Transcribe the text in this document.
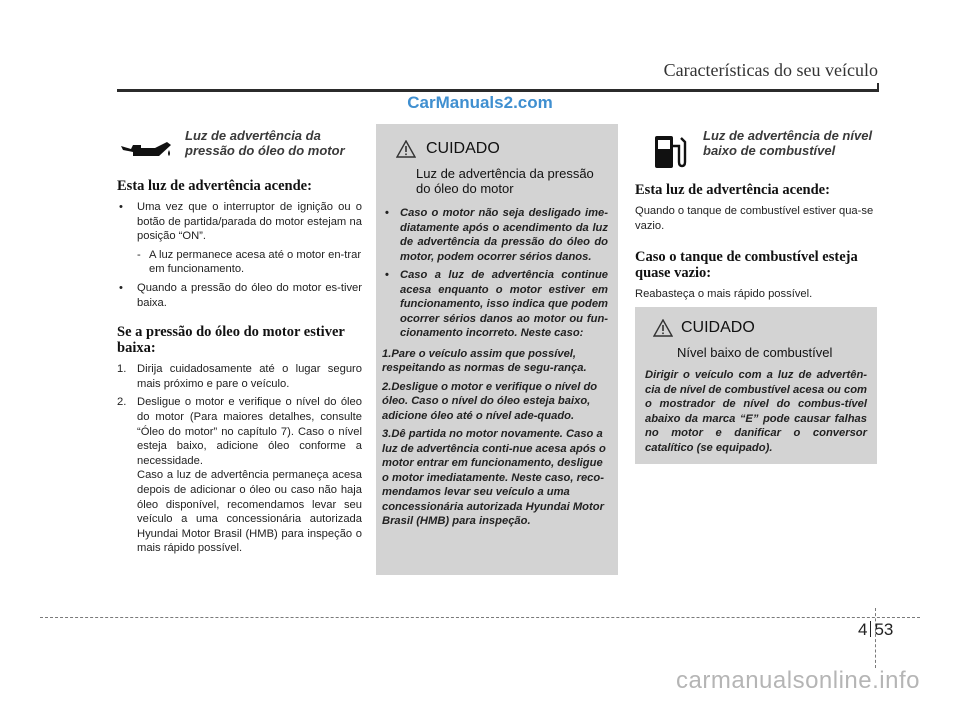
Características do seu veículo
CarManuals2.com
Luz de advertência da pressão do óleo do motor
Esta luz de advertência acende:
• Uma vez que o interruptor de ignição ou o botão de partida/parada do motor estejam na posição “ON”.
- A luz permanece acesa até o motor en-trar em funcionamento.
• Quando a pressão do óleo do motor es-tiver baixa.
Se a pressão do óleo do motor estiver baixa:
1. Dirija cuidadosamente até o lugar seguro mais próximo e pare o veículo.
2. Desligue o motor e verifique o nível do óleo do motor (Para maiores detalhes, consulte “Óleo do motor” no capítulo 7). Caso o nível esteja baixo, adicione óleo conforme a necessidade.
Caso a luz de advertência permaneça acesa depois de adicionar o óleo ou caso não haja óleo disponível, recomendamos levar seu veículo a uma concessionária autorizada Hyundai Motor Brasil (HMB) para inspeção o mais rápido possível.
CUIDADO
Luz de advertência da pressão do óleo do motor
• Caso o motor não seja desligado ime-diatamente após o acendimento da luz de advertência da pressão do óleo do motor, podem ocorrer sérios danos.
• Caso a luz de advertência continue acesa enquanto o motor estiver em funcionamento, isso indica que podem ocorrer sérios danos ao motor ou fun-cionamento incorreto. Neste caso:
1.Pare o veículo assim que possível, respeitando as normas de segu-rança.
2.Desligue o motor e verifique o nível do óleo. Caso o nível do óleo esteja baixo, adicione óleo até o nível ade-quado.
3.Dê partida no motor novamente. Caso a luz de advertência conti-nue acesa após o motor entrar em funcionamento, desligue o motor imediatamente. Neste caso, reco-mendamos levar seu veículo a uma concessionária autorizada Hyundai Motor Brasil (HMB) para inspeção.
Luz de advertência de nível baixo de combustível
Esta luz de advertência acende:
Quando o tanque de combustível estiver qua-se vazio.
Caso o tanque de combustível esteja quase vazio:
Reabasteça o mais rápido possível.
CUIDADO
Nível baixo de combustível
Dirigir o veículo com a luz de advertên-cia de nível de combustível acesa ou com o mostrador de nível do combus-tível abaixo da marca “E” pode causar falhas no motor e danificar o conversor catalítico (se equipado).
4 53
carmanualsonline.info
